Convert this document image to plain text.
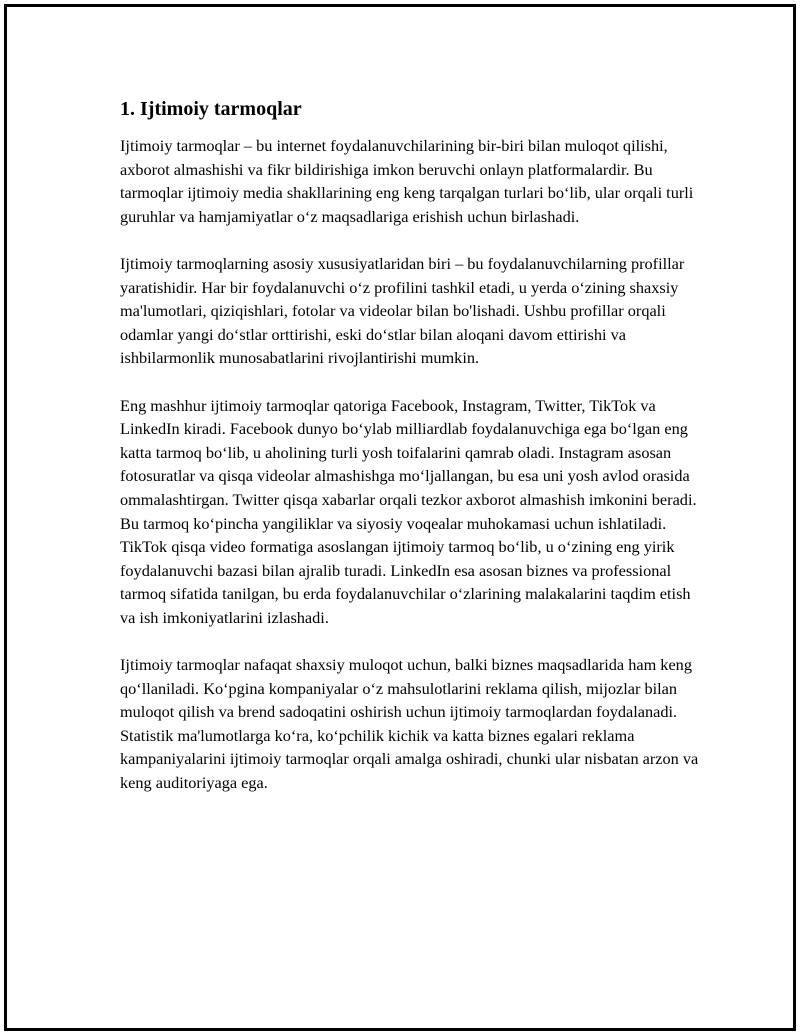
1. Ijtimoiy tarmoqlar

Ijtimoiy tarmoqlar – bu internet foydalanuvchilarining bir-biri bilan muloqot qilishi, axborot almashishi va fikr bildirishiga imkon beruvchi onlayn platformalardir. Bu tarmoqlar ijtimoiy media shakllarining eng keng tarqalgan turlari bo‘lib, ular orqali turli guruhlar va hamjamiyatlar o‘z maqsadlariga erishish uchun birlashadi.

Ijtimoiy tarmoqlarning asosiy xususiyatlaridan biri – bu foydalanuvchilarning profillar yaratishidir. Har bir foydalanuvchi o‘z profilini tashkil etadi, u yerda o‘zining shaxsiy ma'lumotlari, qiziqishlari, fotolar va videolar bilan bo'lishadi. Ushbu profillar orqali odamlar yangi do‘stlar orttirishi, eski do‘stlar bilan aloqani davom ettirishi va ishbilarmonlik munosabatlarini rivojlantirishi mumkin.

Eng mashhur ijtimoiy tarmoqlar qatoriga Facebook, Instagram, Twitter, TikTok va LinkedIn kiradi. Facebook dunyo bo‘ylab milliardlab foydalanuvchiga ega bo‘lgan eng katta tarmoq bo‘lib, u aholining turli yosh toifalarini qamrab oladi. Instagram asosan fotosuratlar va qisqa videolar almashishga mo‘ljallangan, bu esa uni yosh avlod orasida ommalashtirgan. Twitter qisqa xabarlar orqali tezkor axborot almashish imkonini beradi. Bu tarmoq ko‘pincha yangiliklar va siyosiy voqealar muhokamasi uchun ishlatiladi. TikTok qisqa video formatiga asoslangan ijtimoiy tarmoq bo‘lib, u o‘zining eng yirik foydalanuvchi bazasi bilan ajralib turadi. LinkedIn esa asosan biznes va professional tarmoq sifatida tanilgan, bu erda foydalanuvchilar o‘zlarining malakalarini taqdim etish va ish imkoniyatlarini izlashadi.

Ijtimoiy tarmoqlar nafaqat shaxsiy muloqot uchun, balki biznes maqsadlarida ham keng qo‘llaniladi. Ko‘pgina kompaniyalar o‘z mahsulotlarini reklama qilish, mijozlar bilan muloqot qilish va brend sadoqatini oshirish uchun ijtimoiy tarmoqlardan foydalanadi. Statistik ma'lumotlarga ko‘ra, ko‘pchilik kichik va katta biznes egalari reklama kampaniyalarini ijtimoiy tarmoqlar orqali amalga oshiradi, chunki ular nisbatan arzon va keng auditoriyaga ega.
